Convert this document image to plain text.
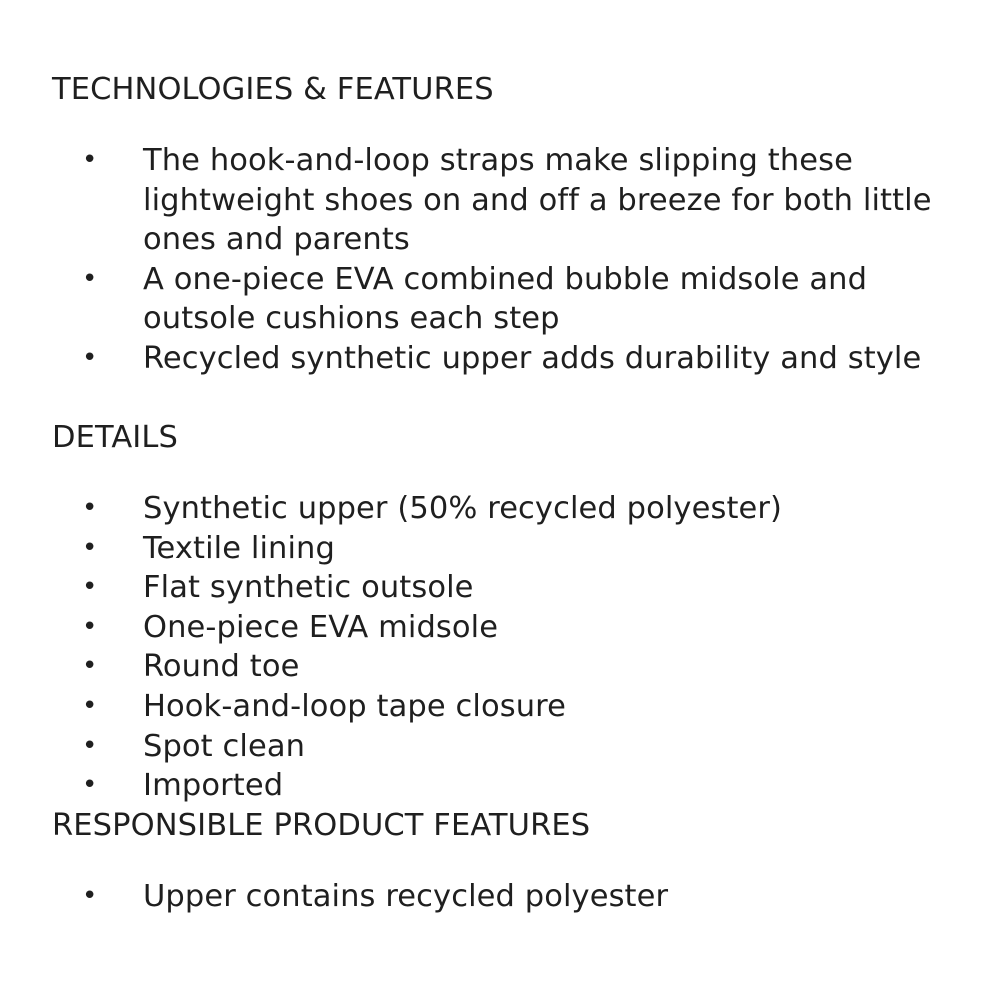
TECHNOLOGIES & FEATURES
• The hook-and-loop straps make slipping these lightweight shoes on and off a breeze for both little ones and parents
• A one-piece EVA combined bubble midsole and outsole cushions each step
• Recycled synthetic upper adds durability and style
DETAILS
• Synthetic upper (50% recycled polyester)
• Textile lining
• Flat synthetic outsole
• One-piece EVA midsole
• Round toe
• Hook-and-loop tape closure
• Spot clean
• Imported
RESPONSIBLE PRODUCT FEATURES
• Upper contains recycled polyester
